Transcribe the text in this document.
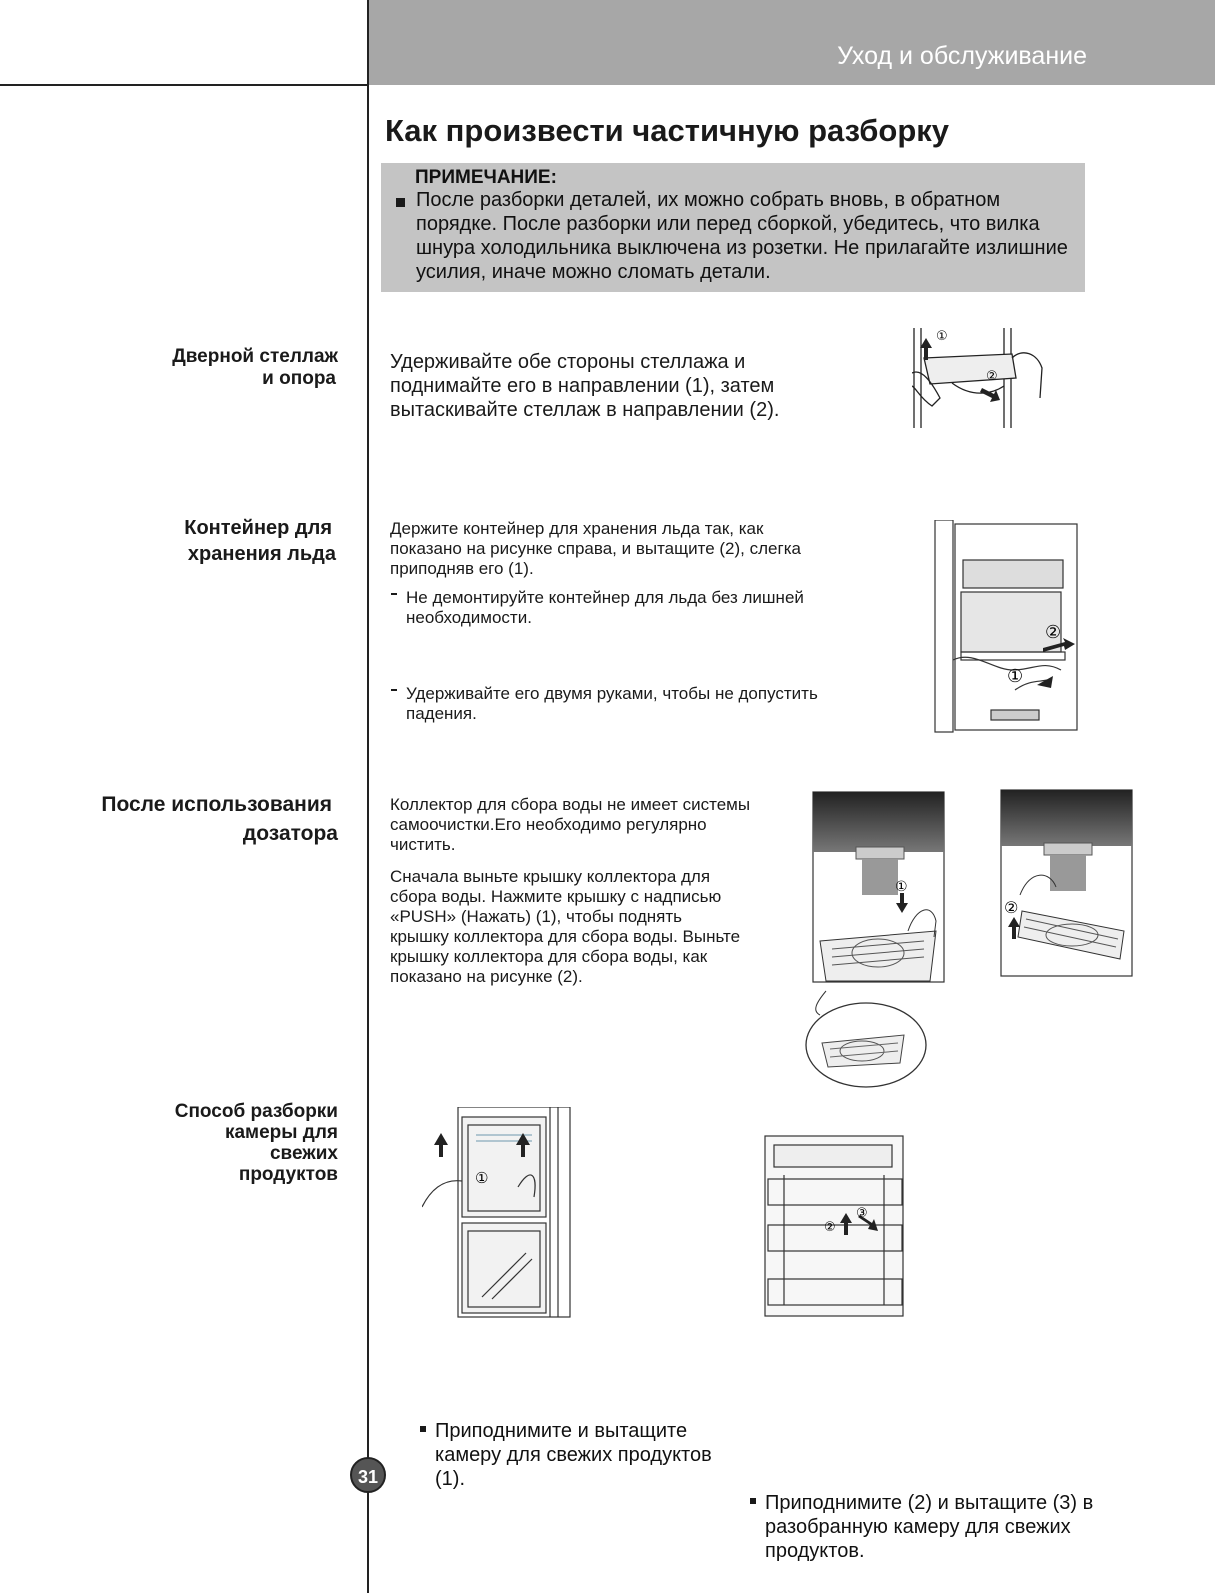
Уход и обслуживание
Как произвести частичную разборку
ПРИМЕЧАНИЕ:
После разборки деталей, их можно собрать вновь, в обратном порядке. После разборки или перед сборкой, убедитесь, что вилка шнура холодильника выключена из розетки. Не прилагайте излишние усилия, иначе можно сломать детали.
Дверной стеллаж
и опора
Удерживайте обе стороны стеллажа и поднимайте его в направлении (1), затем вытаскивайте стеллаж в направлении (2).
①
②
Контейнер для
хранения льда
Держите контейнер для хранения льда так, как показано на рисунке справа, и вытащите (2), слегка приподняв его (1).
Не демонтируйте контейнер для льда без лишней необходимости.
Удерживайте его двумя руками, чтобы не допустить падения.
②
①
После использования
дозатора
Коллектор для сбора воды не имеет системы самоочистки.Его необходимо регулярно чистить.
Сначала выньте крышку коллектора для сбора воды. Нажмите крышку с надписью «PUSH» (Нажать) (1), чтобы поднять крышку коллектора для сбора воды. Выньте крышку коллектора для сбора воды, как показано на рисунке (2).
①
②
Способ разборки
камеры для
свежих
продуктов	①
②
③
Приподнимите и вытащите камеру для свежих продуктов (1).
Приподнимите (2) и вытащите (3) в разобранную камеру для свежих продуктов.
31
